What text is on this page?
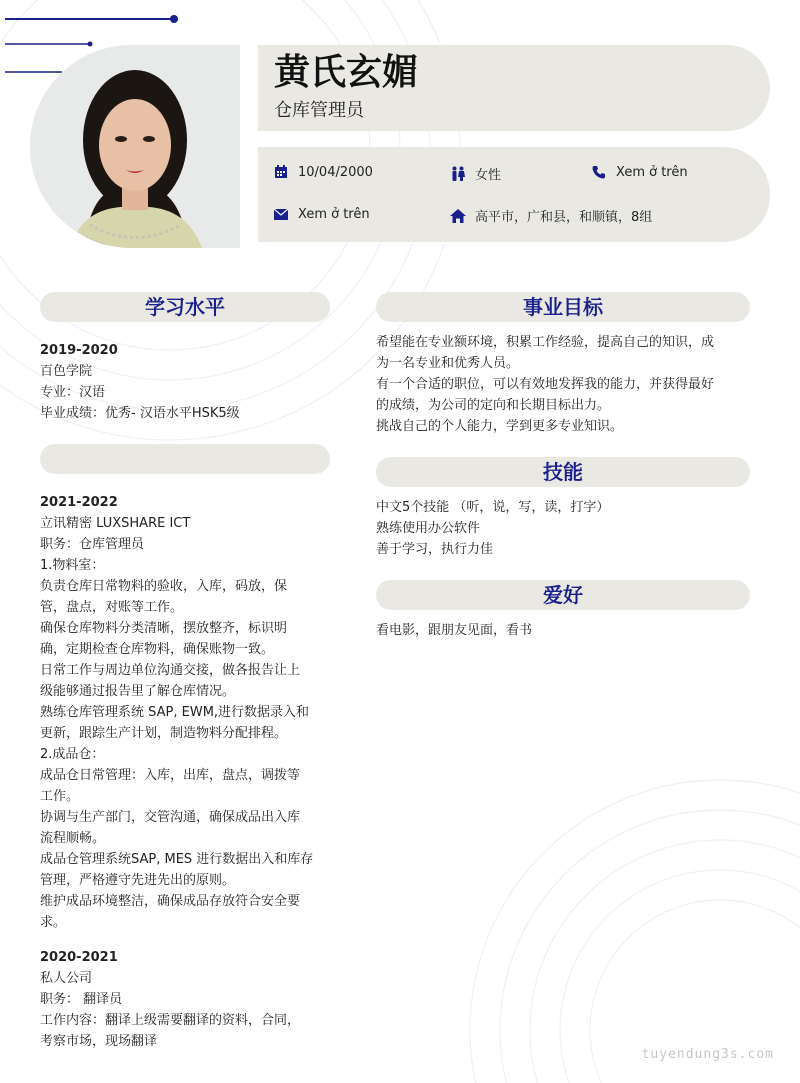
黄氏玄媚
仓库管理员
10/04/2000	女性	Xem ở trên
Xem ở trên	高平市，广和县，和顺镇，8组
学习水平

2019-2020

百色学院

专业：汉语

毕业成绩：优秀- 汉语水平HSK5级

2021-2022

立讯精密 LUXSHARE ICT

职务：仓库管理员

1.物料室：

负责仓库日常物料的验收，入库，码放，保

管，盘点，对账等工作。

确保仓库物料分类清晰，摆放整齐，标识明

确，定期检查仓库物料，确保账物一致。

日常工作与周边单位沟通交接，做各报告让上

级能够通过报告里了解仓库情况。

熟练仓库管理系统 SAP, EWM,进行数据录入和

更新，跟踪生产计划，制造物料分配排程。

2.成品仓：

成品仓日常管理：入库，出库，盘点，调拨等

工作。

协调与生产部门，交管沟通，确保成品出入库

流程顺畅。

成品仓管理系统SAP, MES 进行数据出入和库存

管理，严格遵守先进先出的原则。

维护成品环境整洁，确保成品存放符合安全要

求。

2020-2021

私人公司

职务： 翻译员

工作内容：翻译上级需要翻译的资料，合同，

考察市场，现场翻译

事业目标

希望能在专业额环境，积累工作经验，提高自己的知识，成

为一名专业和优秀人员。

有一个合适的职位，可以有效地发挥我的能力，并获得最好

的成绩，为公司的定向和长期目标出力。

挑战自己的个人能力，学到更多专业知识。

技能

中文5个技能 （听，说，写，读，打字）

熟练使用办公软件

善于学习，执行力佳

爱好

看电影，跟朋友见面，看书

tuyendung3s.com
